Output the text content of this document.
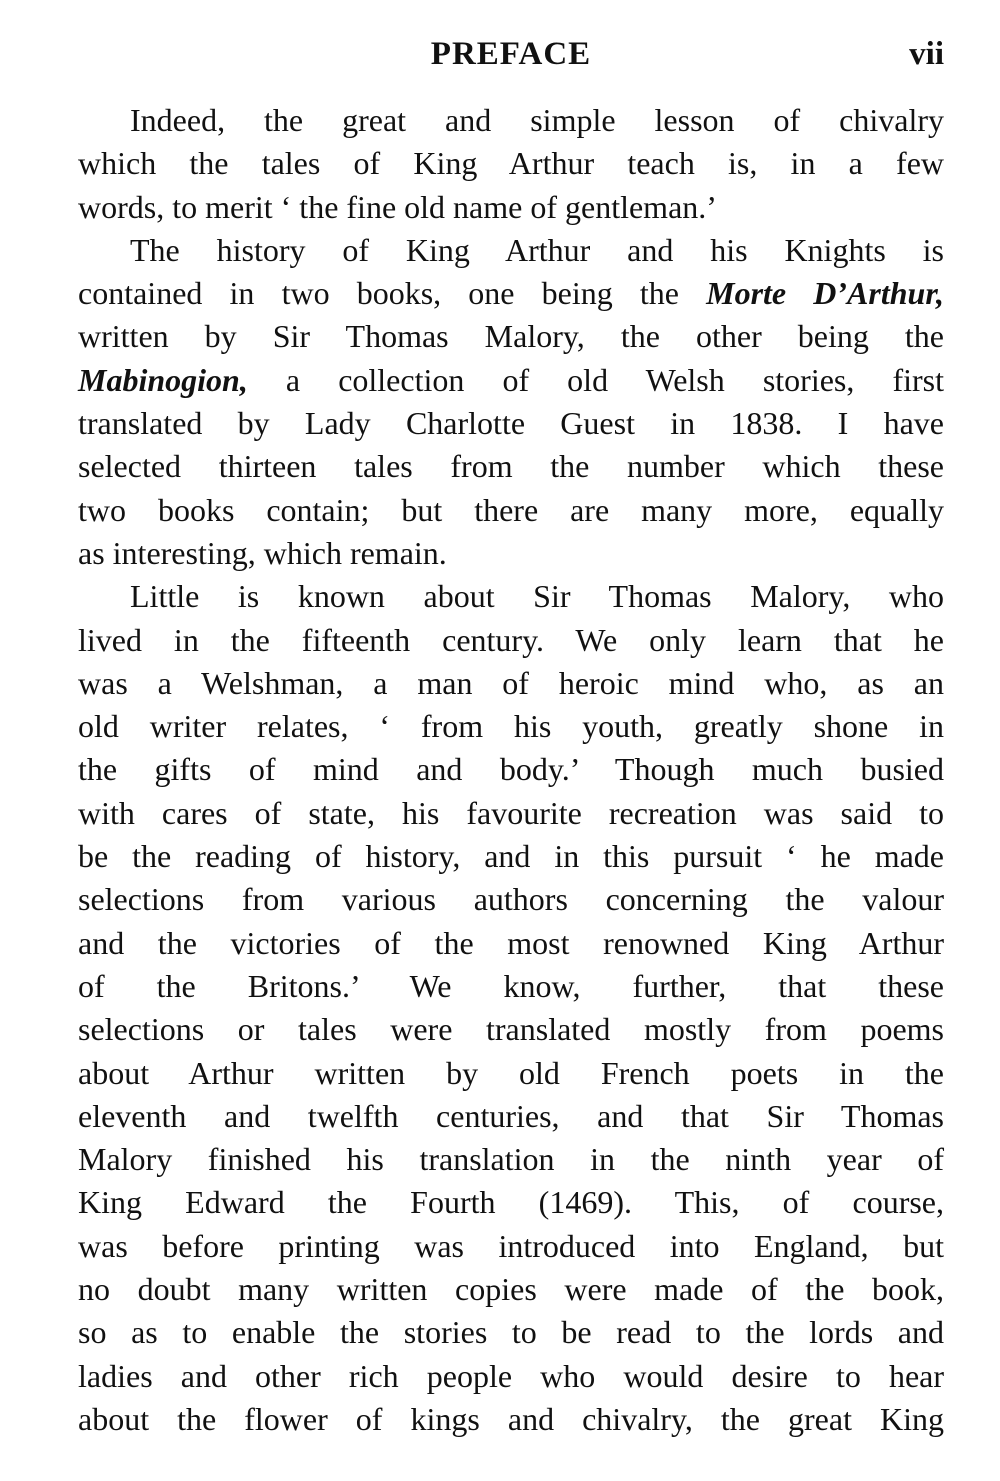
PREFACE	vii
Indeed, the great and simple lesson of chivalry
which the tales of King Arthur teach is, in a few
words, to merit ‘ the fine old name of gentleman.’
The history of King Arthur and his Knights is
contained in two books, one being the Morte D’Arthur,
written by Sir Thomas Malory, the other being the
Mabinogion, a collection of old Welsh stories, first
translated by Lady Charlotte Guest in 1838. I have
selected thirteen tales from the number which these
two books contain; but there are many more, equally
as interesting, which remain.
Little is known about Sir Thomas Malory, who
lived in the fifteenth century. We only learn that he
was a Welshman, a man of heroic mind who, as an
old writer relates, ‘ from his youth, greatly shone in
the gifts of mind and body.’ Though much busied
with cares of state, his favourite recreation was said to
be the reading of history, and in this pursuit ‘ he made
selections from various authors concerning the valour
and the victories of the most renowned King Arthur
of the Britons.’ We know, further, that these
selections or tales were translated mostly from poems
about Arthur written by old French poets in the
eleventh and twelfth centuries, and that Sir Thomas
Malory finished his translation in the ninth year of
King Edward the Fourth (1469). This, of course,
was before printing was introduced into England, but
no doubt many written copies were made of the book,
so as to enable the stories to be read to the lords and
ladies and other rich people who would desire to hear
about the flower of kings and chivalry, the great King
